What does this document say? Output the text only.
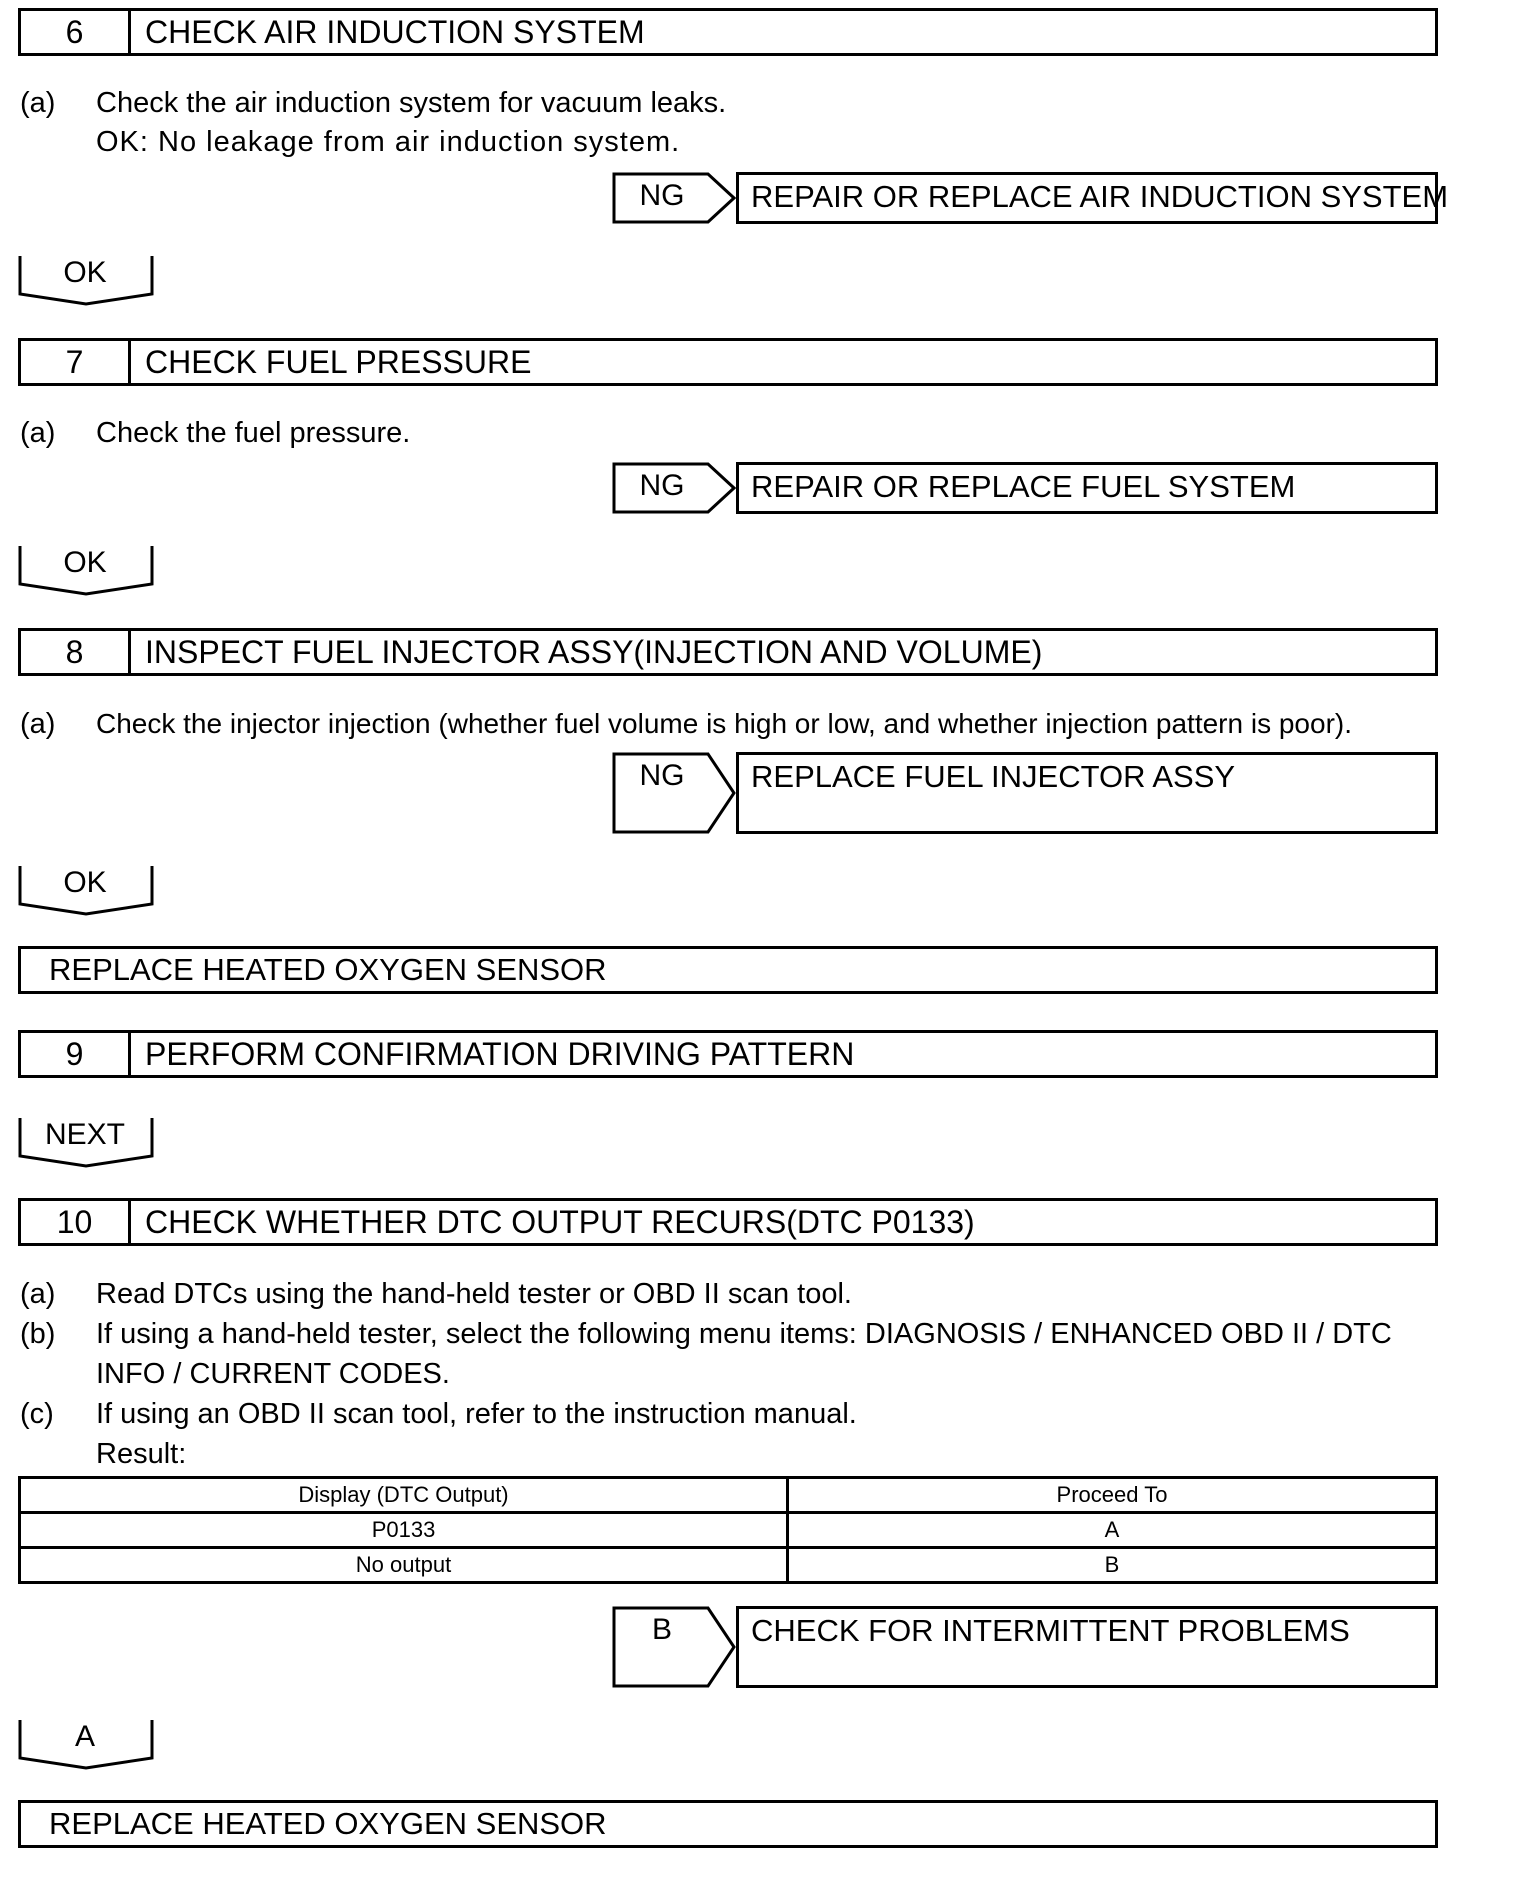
6	CHECK AIR INDUCTION SYSTEM
(a) Check the air induction system for vacuum leaks.
OK: No leakage from air induction system.
NG	REPAIR OR REPLACE AIR INDUCTION SYSTEM
OK
7	CHECK FUEL PRESSURE
(a) Check the fuel pressure.
NG	REPAIR OR REPLACE FUEL SYSTEM
OK
8	INSPECT FUEL INJECTOR ASSY(INJECTION AND VOLUME)
(a) Check the injector injection (whether fuel volume is high or low, and whether injection pattern is poor).
NG	REPLACE FUEL INJECTOR ASSY
OK
REPLACE HEATED OXYGEN SENSOR
9	PERFORM CONFIRMATION DRIVING PATTERN
NEXT
10	CHECK WHETHER DTC OUTPUT RECURS(DTC P0133)
(a) Read DTCs using the hand-held tester or OBD II scan tool.
(b) If using a hand-held tester, select the following menu items: DIAGNOSIS / ENHANCED OBD II / DTC
INFO / CURRENT CODES.
(c) If using an OBD II scan tool, refer to the instruction manual.
Result:
Display (DTC Output)	Proceed To
P0133	A
No output	B
B	CHECK FOR INTERMITTENT PROBLEMS
A
REPLACE HEATED OXYGEN SENSOR
